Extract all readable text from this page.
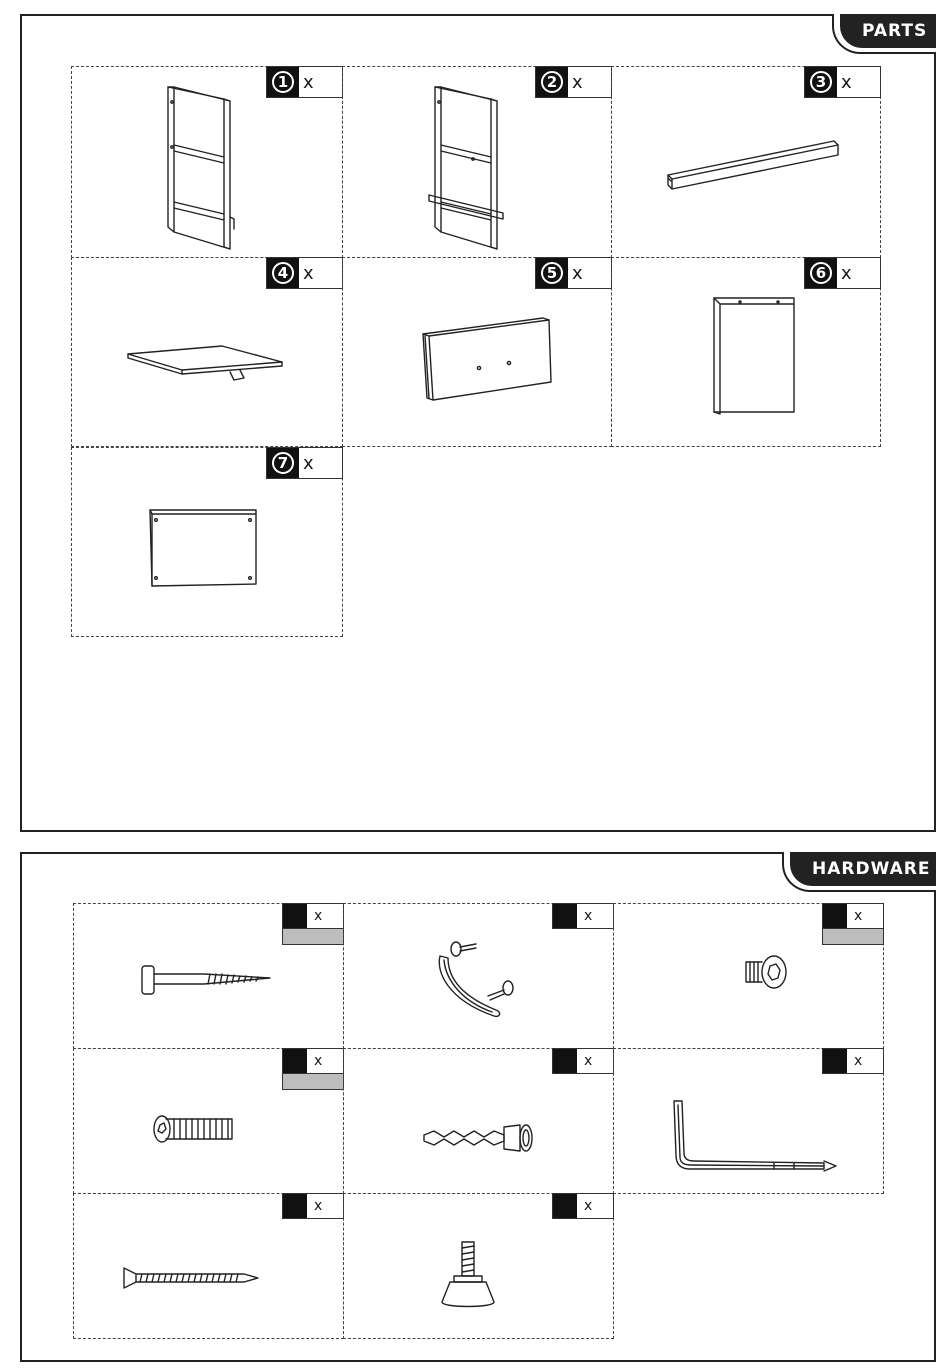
PARTS
1 x	2 x	3 x
4 x	5 x	6 x
7 x
HARDWARE
x	x	x
x	x	x
x	x
